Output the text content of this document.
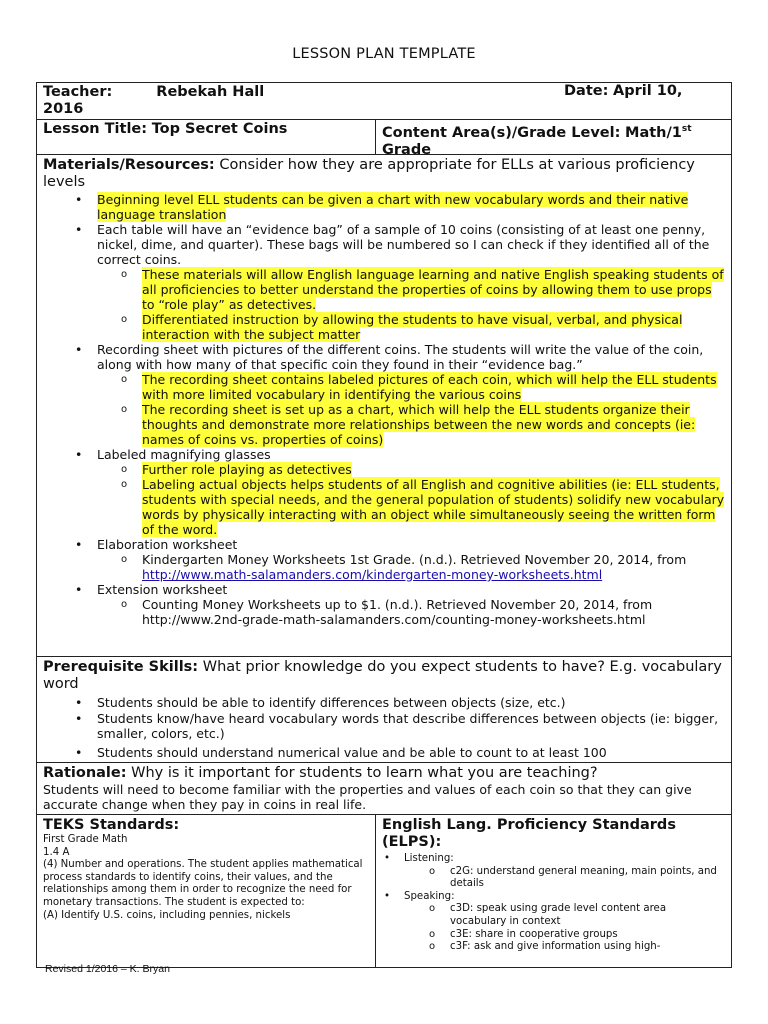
LESSON PLAN TEMPLATE
Teacher:	Rebekah Hall
2016
Date: April 10,
Lesson Title: Top Secret Coins	Content Area(s)/Grade Level: Math/1st
Grade
Materials/Resources: Consider how they are appropriate for ELLs at various proficiency levels
• Beginning level ELL students can be given a chart with new vocabulary words and their native language translation
• Each table will have an “evidence bag” of a sample of 10 coins (consisting of at least one penny, nickel, dime, and quarter). These bags will be numbered so I can check if they identified all of the correct coins.
o These materials will allow English language learning and native English speaking students of all proficiencies to better understand the properties of coins by allowing them to use props to “role play” as detectives.
o Differentiated instruction by allowing the students to have visual, verbal, and physical interaction with the subject matter
• Recording sheet with pictures of the different coins. The students will write the value of the coin, along with how many of that specific coin they found in their “evidence bag.”
o The recording sheet contains labeled pictures of each coin, which will help the ELL students with more limited vocabulary in identifying the various coins
o The recording sheet is set up as a chart, which will help the ELL students organize their thoughts and demonstrate more relationships between the new words and concepts (ie: names of coins vs. properties of coins)
• Labeled magnifying glasses
o Further role playing as detectives
o Labeling actual objects helps students of all English and cognitive abilities (ie: ELL students, students with special needs, and the general population of students) solidify new vocabulary words by physically interacting with an object while simultaneously seeing the written form of the word.
• Elaboration worksheet
o Kindergarten Money Worksheets 1st Grade. (n.d.). Retrieved November 20, 2014, from
http://www.math-salamanders.com/kindergarten-money-worksheets.html
• Extension worksheet
o Counting Money Worksheets up to $1. (n.d.). Retrieved November 20, 2014, from http://www.2nd-grade-math-salamanders.com/counting-money-worksheets.html
Prerequisite Skills: What prior knowledge do you expect students to have? E.g. vocabulary word
• Students should be able to identify differences between objects (size, etc.)
• Students know/have heard vocabulary words that describe differences between objects (ie: bigger, smaller, colors, etc.)
• Students should understand numerical value and be able to count to at least 100
Rationale: Why is it important for students to learn what you are teaching?
Students will need to become familiar with the properties and values of each coin so that they can give accurate change when they pay in coins in real life.
TEKS Standards:
First Grade Math
1.4 A
(4) Number and operations. The student applies mathematical process standards to identify coins, their values, and the relationships among them in order to recognize the need for monetary transactions. The student is expected to:
(A) Identify U.S. coins, including pennies, nickels
English Lang. Proficiency Standards (ELPS):
• Listening:
o c2G: understand general meaning, main points, and details
• Speaking:
o c3D: speak using grade level content area vocabulary in context
o c3E: share in cooperative groups
o c3F: ask and give information using high-
Revised 1/2016 – K. Bryan
